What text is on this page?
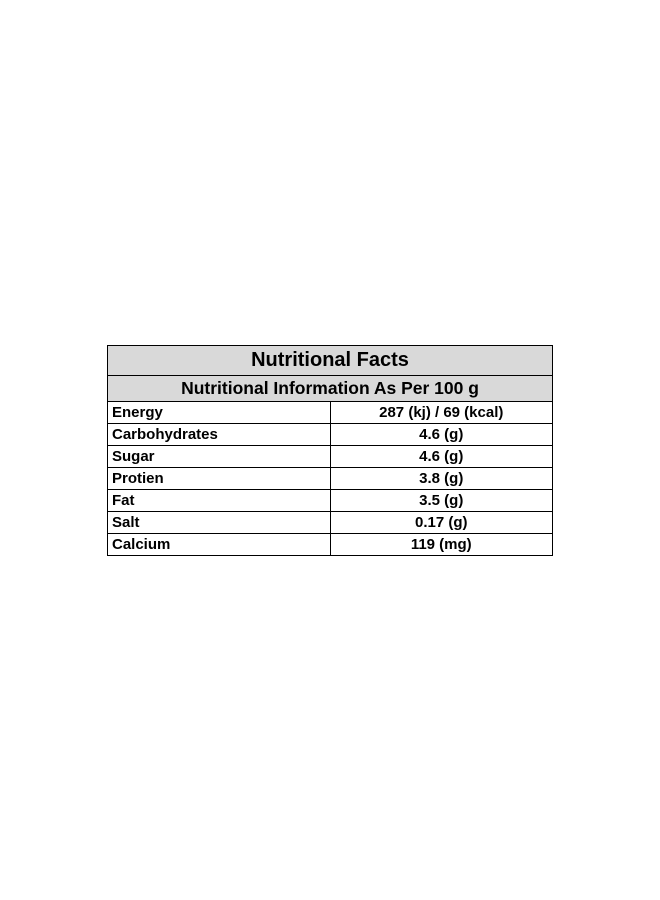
Nutritional Facts	
Nutritional Information As Per 100 g	
Energy	287 (kj) / 69 (kcal)
Carbohydrates	4.6 (g)
Sugar	4.6 (g)
Protien	3.8 (g)
Fat	3.5 (g)
Salt	0.17 (g)
Calcium	119 (mg)
